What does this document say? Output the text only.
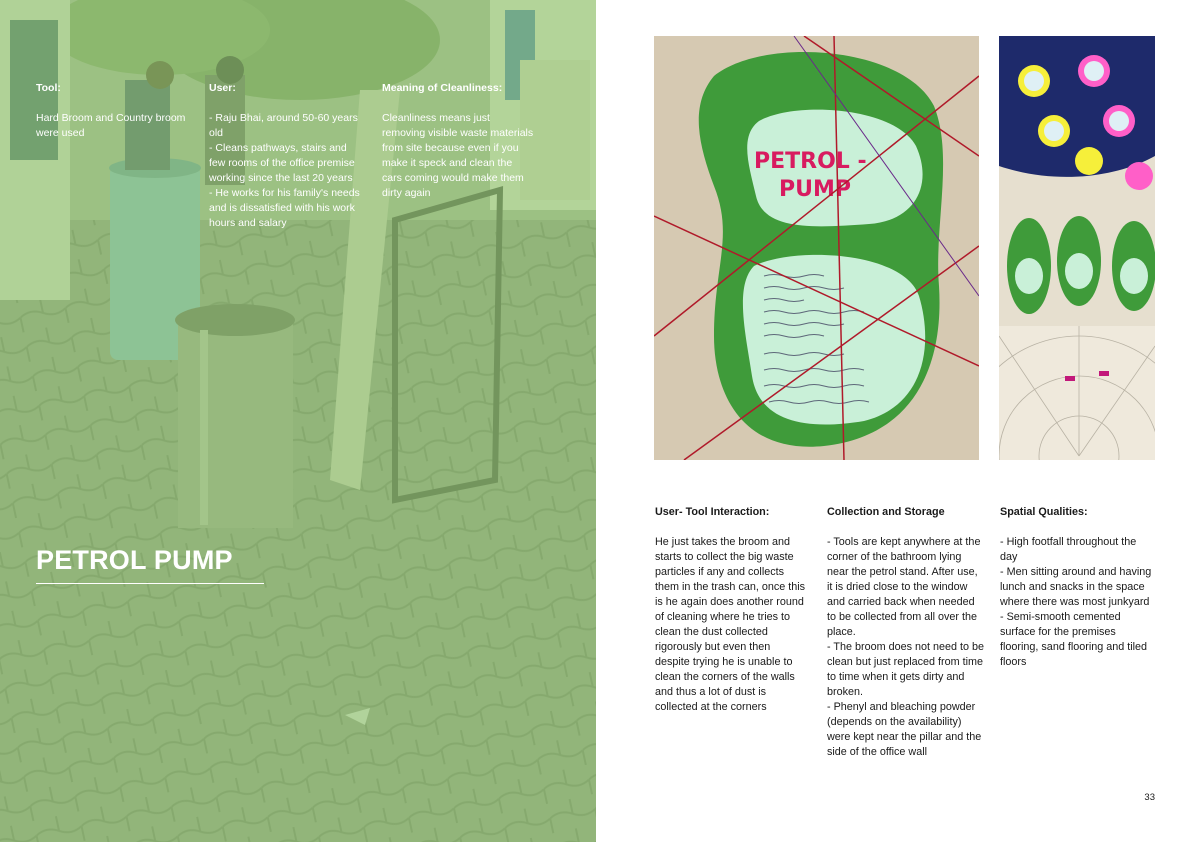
Tool:
Hard Broom and Country broom were used
User:
- Raju Bhai, around 50-60 years old
- Cleans pathways, stairs and few rooms of the office premise working since the last 20 years
- He works for his family's needs and is dissatisfied with his work hours and salary
Meaning of Cleanliness:
Cleanliness means just removing visible waste materials from site because even if you make it speck and clean the cars coming would make them dirty again
PETROL PUMP
PETROL -
PUMP
User- Tool Interaction:
He just takes the broom and starts to collect the big waste particles if any and collects them in the trash can, once this is he again does another round of cleaning where he tries to clean the dust collected rigorously but even then despite trying he is unable to clean the corners of the walls and thus a lot of dust is collected at the corners
Collection and Storage
- Tools are kept anywhere at the corner of the bathroom lying near the petrol stand. After use, it is dried close to the window and carried back when needed to be collected from all over the place.
- The broom does not need to be clean but just replaced from time to time when it gets dirty and broken.
- Phenyl and bleaching powder (depends on the availability) were kept near the pillar and the side of the office wall
Spatial Qualities:
- High footfall throughout the day
- Men sitting around and having lunch and snacks in the space where there was most junkyard
- Semi-smooth cemented surface for the premises flooring, sand flooring and tiled floors
33
